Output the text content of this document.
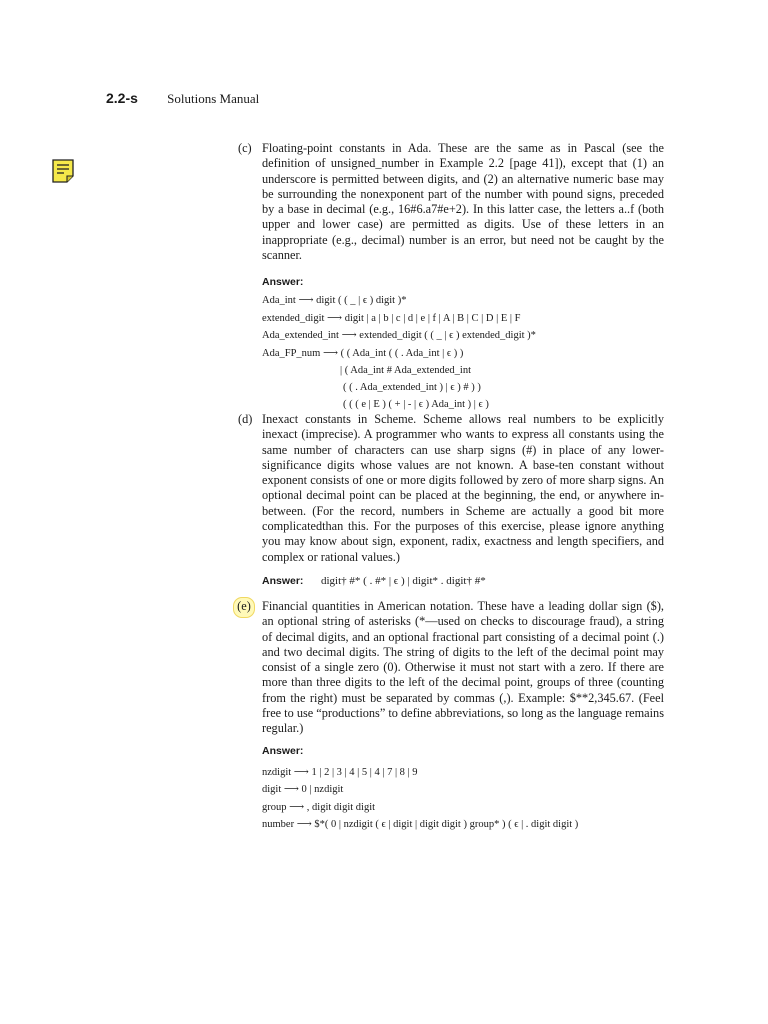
2.2-s Solutions Manual
(c) Floating-point constants in Ada. These are the same as in Pascal (see the definition of unsigned_number in Example 2.2 [page 41]), except that (1) an underscore is permitted between digits, and (2) an alternative numeric base may be surrounding the nonexponent part of the number with pound signs, preceded by a base in decimal (e.g., 16#6.a7#e+2). In this latter case, the letters a..f (both upper and lower case) are permitted as digits. Use of these letters in an inappropriate (e.g., decimal) number is an error, but need not be caught by the scanner.
Answer:
Ada_int ⟶ digit ( ( _ | ϵ ) digit )*
extended_digit ⟶ digit | a | b | c | d | e | f | A | B | C | D | E | F
Ada_extended_int ⟶ extended_digit ( ( _ | ϵ ) extended_digit )*
Ada_FP_num ⟶ ( ( Ada_int ( ( . Ada_int | ϵ ) )
| ( Ada_int # Ada_extended_int
( ( . Ada_extended_int ) | ϵ ) # ) )
( ( ( e | E ) ( + | - | ϵ ) Ada_int ) | ϵ )
(d) Inexact constants in Scheme. Scheme allows real numbers to be explicitly inexact (imprecise). A programmer who wants to express all constants using the same number of characters can use sharp signs (#) in place of any lower-significance digits whose values are not known. A base-ten constant without exponent consists of one or more digits followed by zero of more sharp signs. An optional decimal point can be placed at the beginning, the end, or anywhere in-between. (For the record, numbers in Scheme are actually a good bit more complicatedthan this. For the purposes of this exercise, please ignore anything you may know about sign, exponent, radix, exactness and length specifiers, and complex or rational values.)
Answer: digit† #* ( . #* | ϵ ) | digit* . digit† #*
(e) Financial quantities in American notation. These have a leading dollar sign ($), an optional string of asterisks (*—used on checks to discourage fraud), a string of decimal digits, and an optional fractional part consisting of a decimal point (.) and two decimal digits. The string of digits to the left of the decimal point may consist of a single zero (0). Otherwise it must not start with a zero. If there are more than three digits to the left of the decimal point, groups of three (counting from the right) must be separated by commas (,). Example: $**2,345.67. (Feel free to use “productions” to define abbreviations, so long as the language remains regular.)
Answer:
nzdigit ⟶ 1 | 2 | 3 | 4 | 5 | 4 | 7 | 8 | 9
digit ⟶ 0 | nzdigit
group ⟶ , digit digit digit
number ⟶ $*( 0 | nzdigit ( ϵ | digit | digit digit ) group* ) ( ϵ | . digit digit )
